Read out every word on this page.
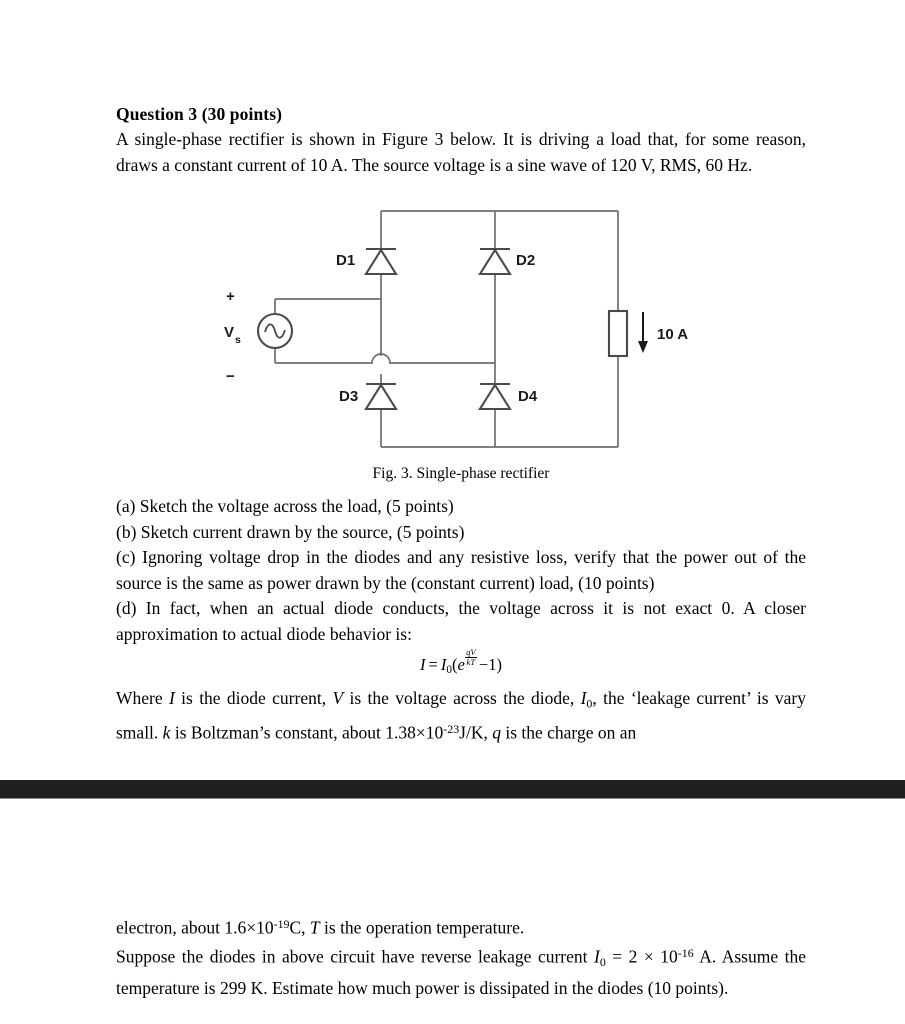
Question 3 (30 points)

A single-phase rectifier is shown in Figure 3 below. It is driving a load that, for some reason, draws a constant current of 10 A. The source voltage is a sine wave of 120 V, RMS, 60 Hz.

+
V s
−
D1	D2
D3	D4
10 A

Fig. 3. Single-phase rectifier

(a) Sketch the voltage across the load, (5 points)

(b) Sketch current drawn by the source, (5 points)

(c) Ignoring voltage drop in the diodes and any resistive loss, verify that the power out of the source is the same as power drawn by the (constant current) load, (10 points)

(d) In fact, when an actual diode conducts, the voltage across it is not exact 0. A closer approximation to actual diode behavior is:

$I = I_0(e \frac{qV}{kT} -1)$

Where I is the diode current, V is the voltage across the diode, $I_0$, the ‘leakage current’ is vary small. k is Boltzman’s constant, about $1.38\times 10^{-23}J/K$, q is the charge on an

electron, about $1.6\times 10^{-19}C$, T is the operation temperature.

Suppose the diodes in above circuit have reverse leakage current $I_0 = 2 \times 10^{-16}$ A. Assume the temperature is 299 K. Estimate how much power is dissipated in the diodes (10 points).
